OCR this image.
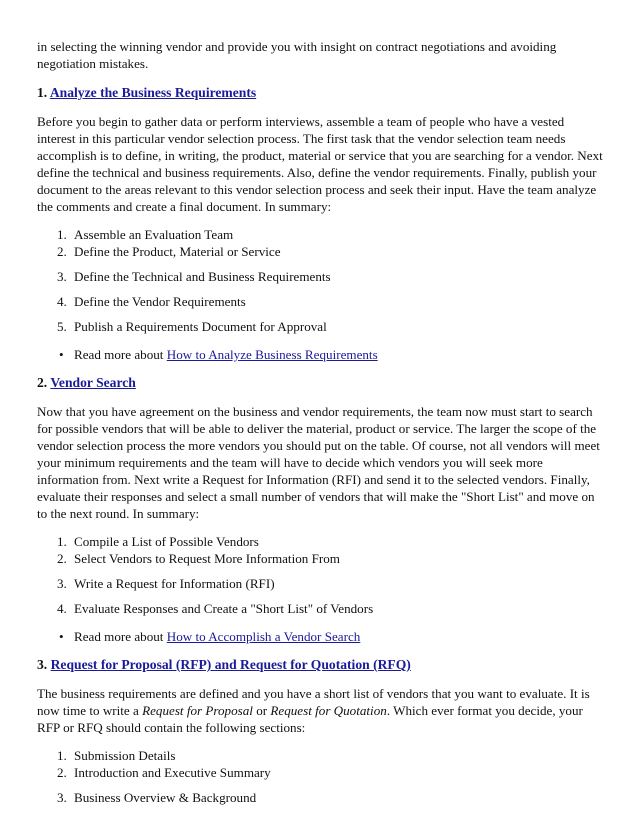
in selecting the winning vendor and provide you with insight on contract negotiations and avoiding negotiation mistakes.

1. Analyze the Business Requirements

Before you begin to gather data or perform interviews, assemble a team of people who have a vested interest in this particular vendor selection process. The first task that the vendor selection team needs accomplish is to define, in writing, the product, material or service that you are searching for a vendor. Next define the technical and business requirements. Also, define the vendor requirements. Finally, publish your document to the areas relevant to this vendor selection process and seek their input. Have the team analyze the comments and create a final document. In summary:

1. Assemble an Evaluation Team
2. Define the Product, Material or Service
3. Define the Technical and Business Requirements
4. Define the Vendor Requirements
5. Publish a Requirements Document for Approval
• Read more about How to Analyze Business Requirements
2. Vendor Search

Now that you have agreement on the business and vendor requirements, the team now must start to search for possible vendors that will be able to deliver the material, product or service. The larger the scope of the vendor selection process the more vendors you should put on the table. Of course, not all vendors will meet your minimum requirements and the team will have to decide which vendors you will seek more information from. Next write a Request for Information (RFI) and send it to the selected vendors. Finally, evaluate their responses and select a small number of vendors that will make the "Short List" and move on to the next round. In summary:

1. Compile a List of Possible Vendors
2. Select Vendors to Request More Information From
3. Write a Request for Information (RFI)
4. Evaluate Responses and Create a "Short List" of Vendors
• Read more about How to Accomplish a Vendor Search
3. Request for Proposal (RFP) and Request for Quotation (RFQ)

The business requirements are defined and you have a short list of vendors that you want to evaluate. It is now time to write a Request for Proposal or Request for Quotation. Which ever format you decide, your RFP or RFQ should contain the following sections:

1. Submission Details
2. Introduction and Executive Summary
3. Business Overview & Background
